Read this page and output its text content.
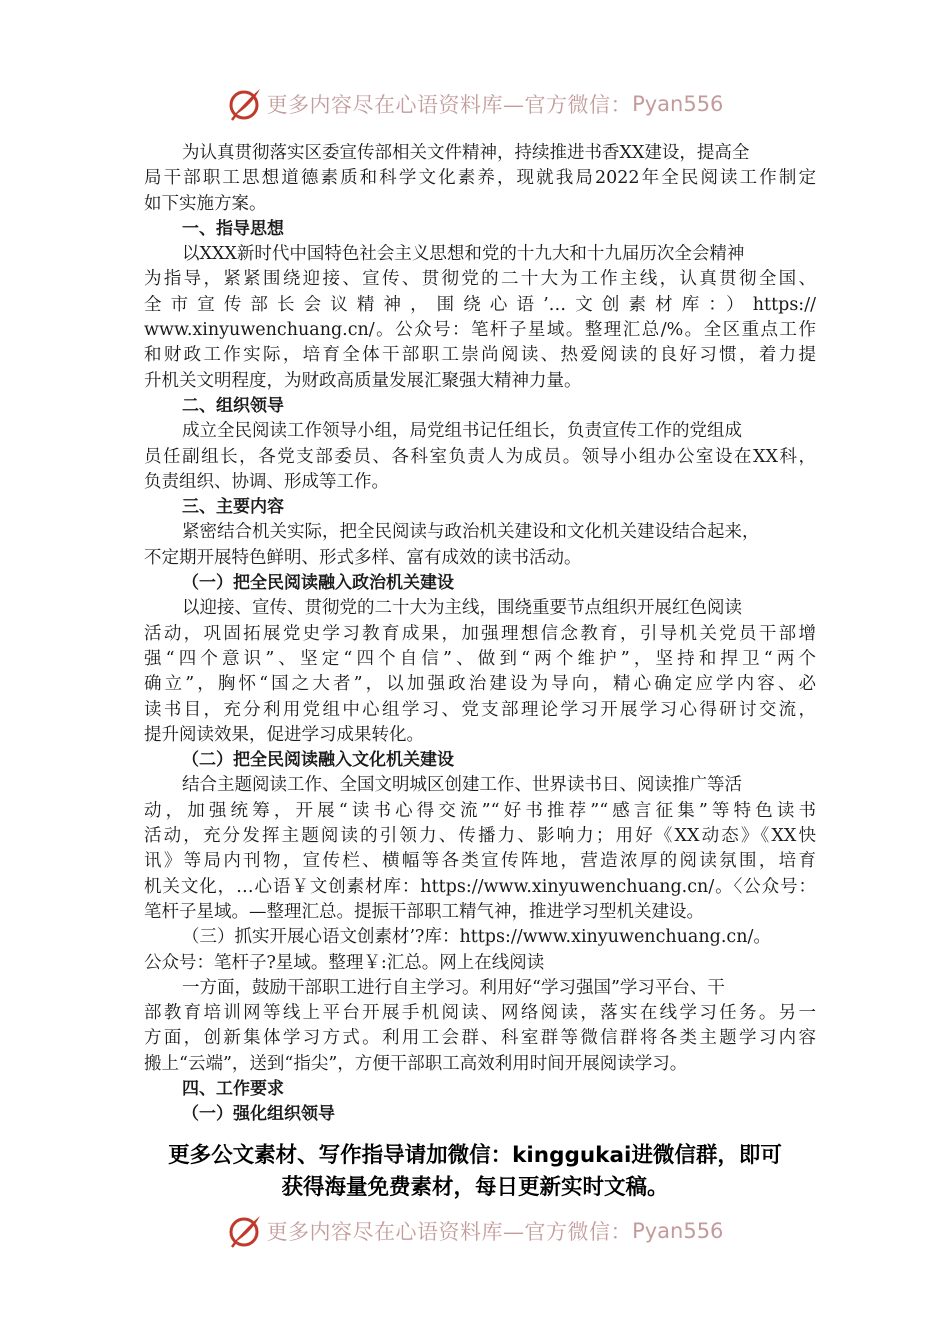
更多内容尽在心语资料库—官方微信： Pyan556
为认真贯彻落实区委宣传部相关文件精神，持续推进书香XX建设，提高全
局干部职工思想道德素质和科学文化素养，现就我局2022年全民阅读工作制定
如下实施方案。
一、指导思想
以XXX新时代中国特色社会主义思想和党的十九大和十九届历次全会精神
为指导，紧紧围绕迎接、宣传、贯彻党的二十大为工作主线，认真贯彻全国、
全市宣传部长会议精神，围绕心语’…文创素材库：）https://
www.xinyuwenchuang.cn/。公众号：笔杆子星域。整理汇总/%。全区重点工作
和财政工作实际，培育全体干部职工崇尚阅读、热爱阅读的良好习惯，着力提
升机关文明程度，为财政高质量发展汇聚强大精神力量。
二、组织领导
成立全民阅读工作领导小组，局党组书记任组长，负责宣传工作的党组成
员任副组长，各党支部委员、各科室负责人为成员。领导小组办公室设在XX科，
负责组织、协调、形成等工作。
三、主要内容
紧密结合机关实际，把全民阅读与政治机关建设和文化机关建设结合起来，
不定期开展特色鲜明、形式多样、富有成效的读书活动。
（一）把全民阅读融入政治机关建设
以迎接、宣传、贯彻党的二十大为主线，围绕重要节点组织开展红色阅读
活动，巩固拓展党史学习教育成果，加强理想信念教育，引导机关党员干部增
强“四个意识”、坚定“四个自信”、做到“两个维护”，坚持和捍卫“两个
确立”，胸怀“国之大者”，以加强政治建设为导向，精心确定应学内容、必
读书目，充分利用党组中心组学习、党支部理论学习开展学习心得研讨交流，
提升阅读效果，促进学习成果转化。
（二）把全民阅读融入文化机关建设
结合主题阅读工作、全国文明城区创建工作、世界读书日、阅读推广等活
动，加强统筹，开展“读书心得交流”“好书推荐”“感言征集”等特色读书
活动，充分发挥主题阅读的引领力、传播力、影响力；用好《XX动态》《XX快
讯》等局内刊物，宣传栏、横幅等各类宣传阵地，营造浓厚的阅读氛围，培育
机关文化，…心语￥文创素材库：https://www.xinyuwenchuang.cn/。〈公众号：
笔杆子星域。—整理汇总。提振干部职工精气神，推进学习型机关建设。
（三）抓实开展心语文创素材’?库：https://www.xinyuwenchuang.cn/。
公众号：笔杆子?星域。整理￥:汇总。网上在线阅读
一方面，鼓励干部职工进行自主学习。利用好“学习强国”学习平台、干
部教育培训网等线上平台开展手机阅读、网络阅读，落实在线学习任务。另一
方面，创新集体学习方式。利用工会群、科室群等微信群将各类主题学习内容
搬上“云端”，送到“指尖”，方便干部职工高效利用时间开展阅读学习。
四、工作要求
（一）强化组织领导
更多公文素材、写作指导请加微信：kinggukai进微信群，即可
获得海量免费素材，每日更新实时文稿。
更多内容尽在心语资料库—官方微信： Pyan556
